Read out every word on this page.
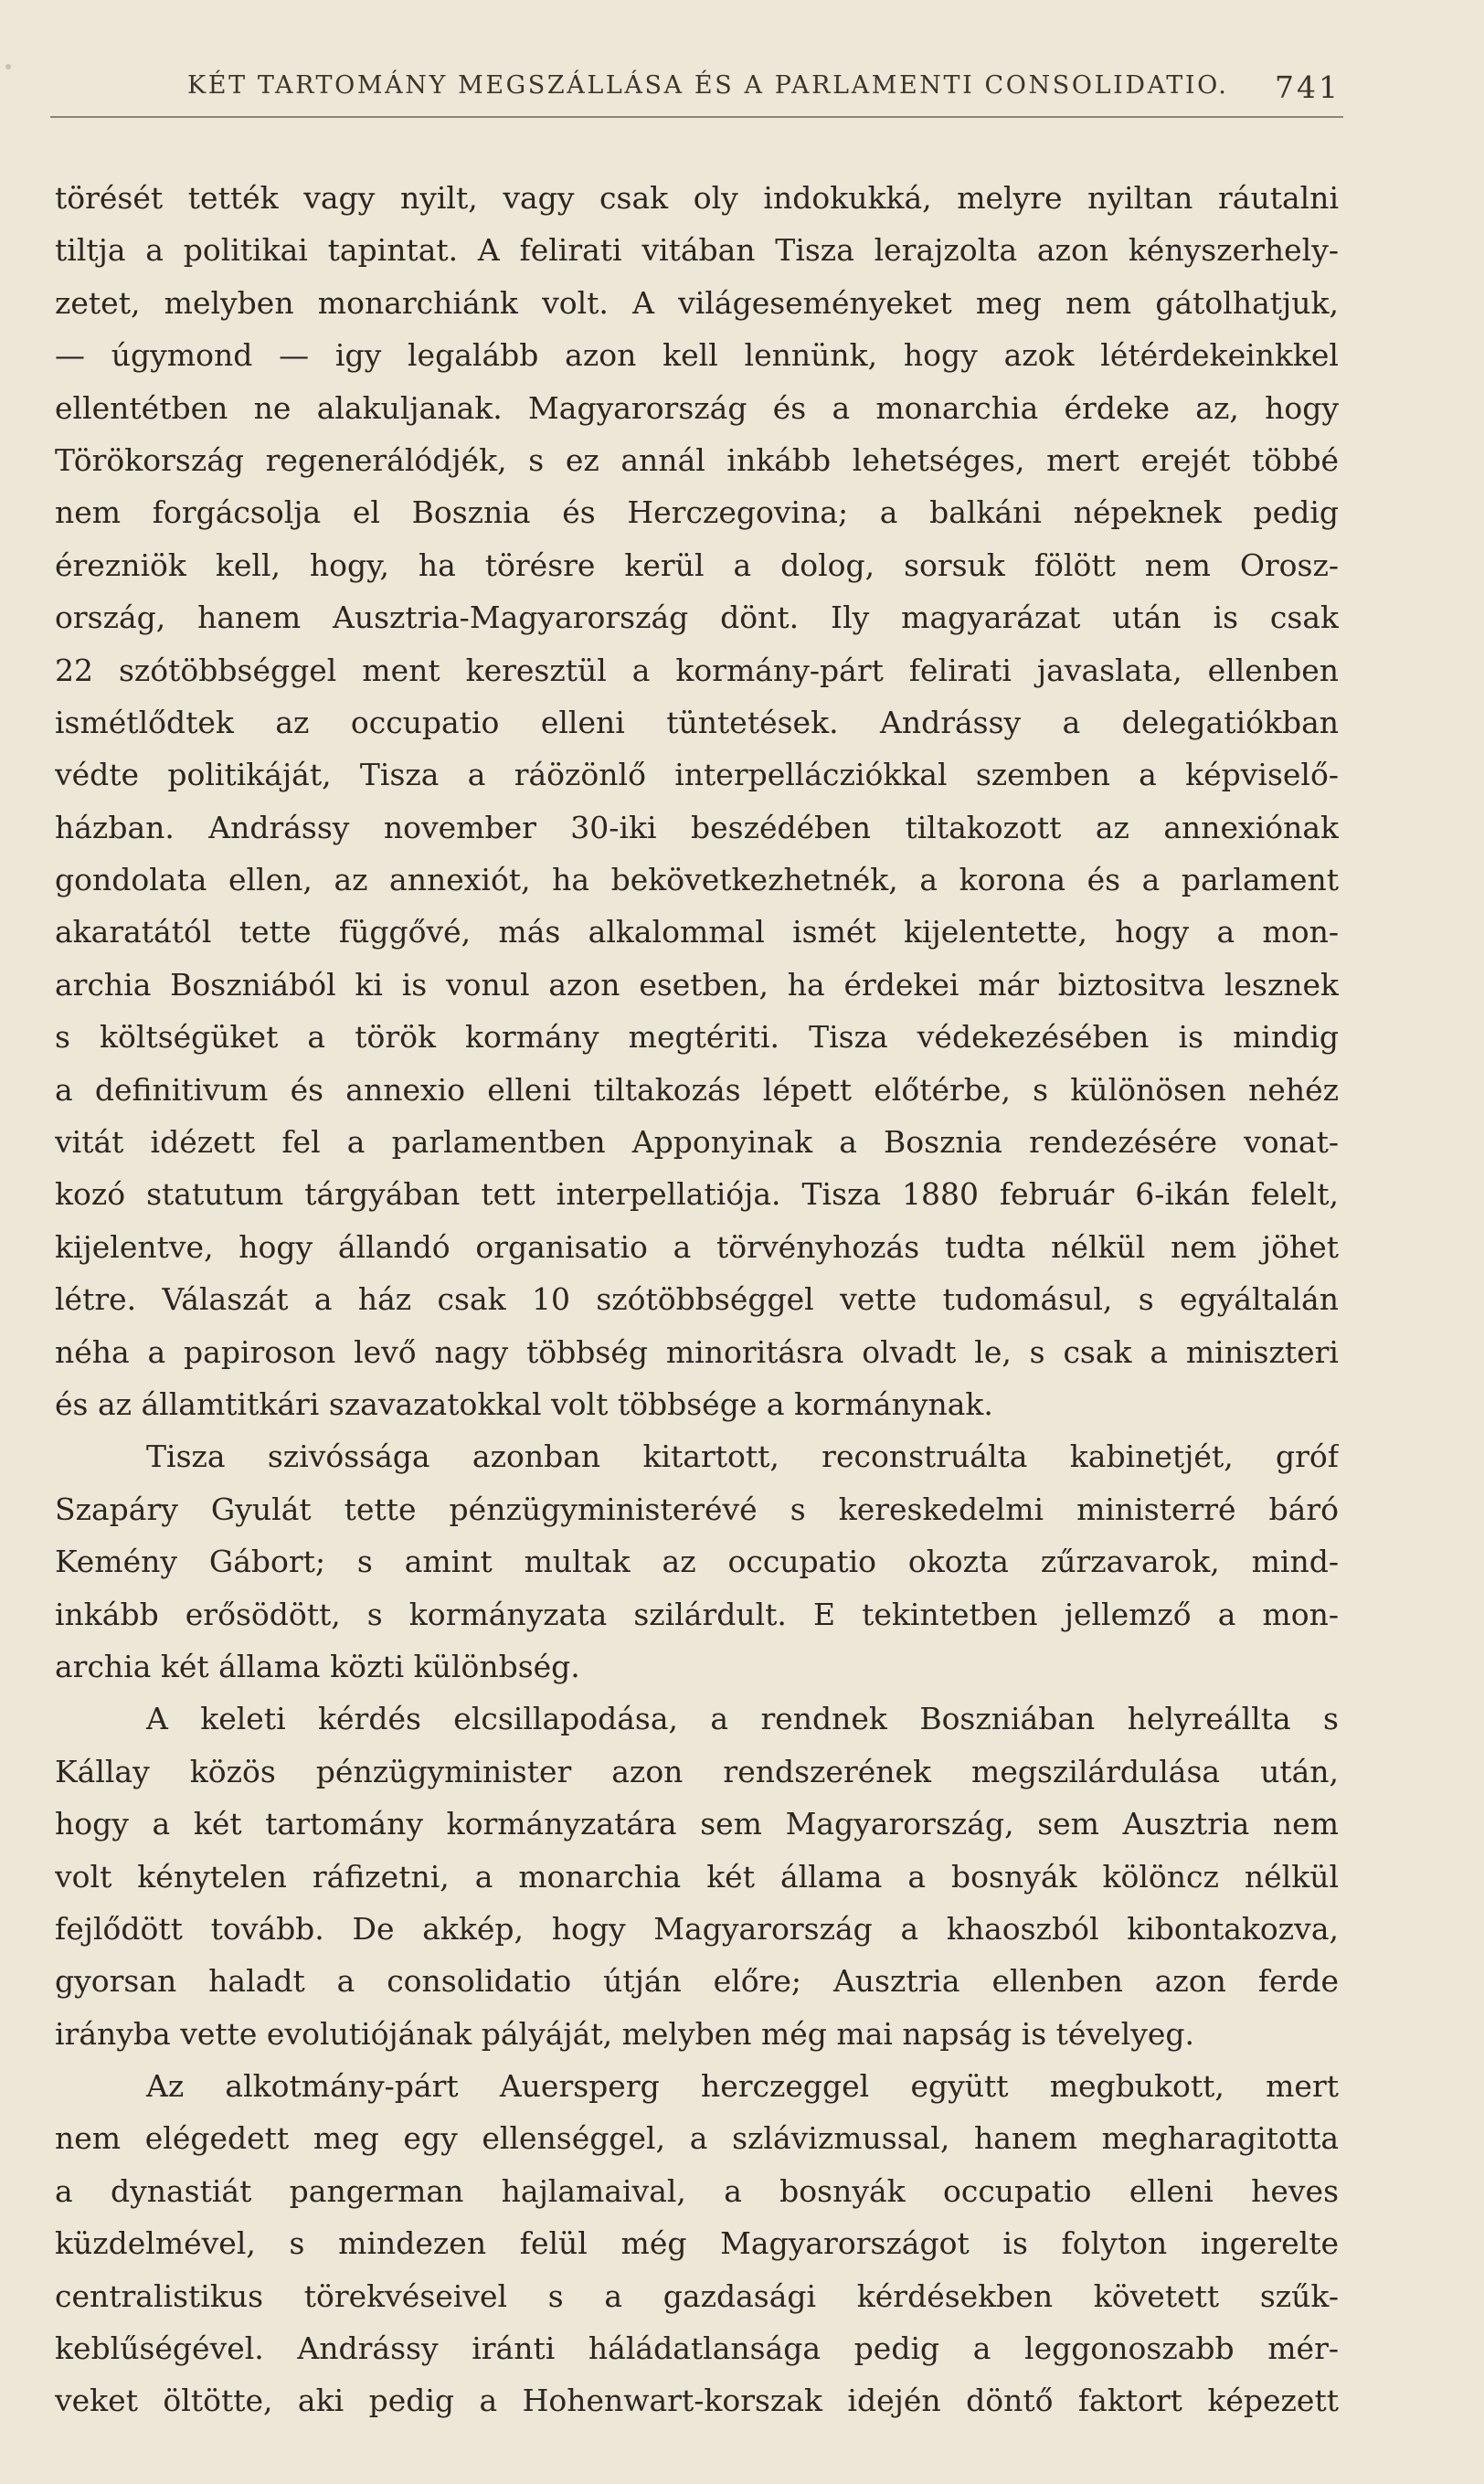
KÉT TARTOMÁNY MEGSZÁLLÁSA ÉS A PARLAMENTI CONSOLIDATIO. 741
törését tették vagy nyilt, vagy csak oly indokukká, melyre nyiltan ráutalni
tiltja a politikai tapintat. A felirati vitában Tisza lerajzolta azon kényszerhely-
zetet, melyben monarchiánk volt. A világeseményeket meg nem gátolhatjuk,
— úgymond — igy legalább azon kell lennünk, hogy azok létérdekeinkkel
ellentétben ne alakuljanak. Magyarország és a monarchia érdeke az, hogy
Törökország regenerálódjék, s ez annál inkább lehetséges, mert erejét többé
nem forgácsolja el Bosznia és Herczegovina; a balkáni népeknek pedig
érezniök kell, hogy, ha törésre kerül a dolog, sorsuk fölött nem Orosz-
ország, hanem Ausztria-Magyarország dönt. Ily magyarázat után is csak
22 szótöbbséggel ment keresztül a kormány-párt felirati javaslata, ellenben
ismétlődtek az occupatio elleni tüntetések. Andrássy a delegatiókban
védte politikáját, Tisza a ráözönlő interpellácziókkal szemben a képviselő-
házban. Andrássy november 30-iki beszédében tiltakozott az annexiónak
gondolata ellen, az annexiót, ha bekövetkezhetnék, a korona és a parlament
akaratától tette függővé, más alkalommal ismét kijelentette, hogy a mon-
archia Boszniából ki is vonul azon esetben, ha érdekei már biztositva lesznek
s költségüket a török kormány megtériti. Tisza védekezésében is mindig
a definitivum és annexio elleni tiltakozás lépett előtérbe, s különösen nehéz
vitát idézett fel a parlamentben Apponyinak a Bosznia rendezésére vonat-
kozó statutum tárgyában tett interpellatiója. Tisza 1880 február 6-ikán felelt,
kijelentve, hogy állandó organisatio a törvényhozás tudta nélkül nem jöhet
létre. Válaszát a ház csak 10 szótöbbséggel vette tudomásul, s egyáltalán
néha a papiroson levő nagy többség minoritásra olvadt le, s csak a miniszteri
és az államtitkári szavazatokkal volt többsége a kormánynak.
Tisza szivóssága azonban kitartott, reconstruálta kabinetjét, gróf
Szapáry Gyulát tette pénzügyministerévé s kereskedelmi ministerré báró
Kemény Gábort; s amint multak az occupatio okozta zűrzavarok, mind-
inkább erősödött, s kormányzata szilárdult. E tekintetben jellemző a mon-
archia két állama közti különbség.
A keleti kérdés elcsillapodása, a rendnek Boszniában helyreállta s
Kállay közös pénzügyminister azon rendszerének megszilárdulása után,
hogy a két tartomány kormányzatára sem Magyarország, sem Ausztria nem
volt kénytelen ráfizetni, a monarchia két állama a bosnyák kölöncz nélkül
fejlődött tovább. De akkép, hogy Magyarország a khaoszból kibontakozva,
gyorsan haladt a consolidatio útján előre; Ausztria ellenben azon ferde
irányba vette evolutiójának pályáját, melyben még mai napság is tévelyeg.
Az alkotmány-párt Auersperg herczeggel együtt megbukott, mert
nem elégedett meg egy ellenséggel, a szlávizmussal, hanem megharagitotta
a dynastiát pangerman hajlamaival, a bosnyák occupatio elleni heves
küzdelmével, s mindezen felül még Magyarországot is folyton ingerelte
centralistikus törekvéseivel s a gazdasági kérdésekben követett szűk-
keblűségével. Andrássy iránti háládatlansága pedig a leggonoszabb mér-
veket öltötte, aki pedig a Hohenwart-korszak idején döntő faktort képezett
